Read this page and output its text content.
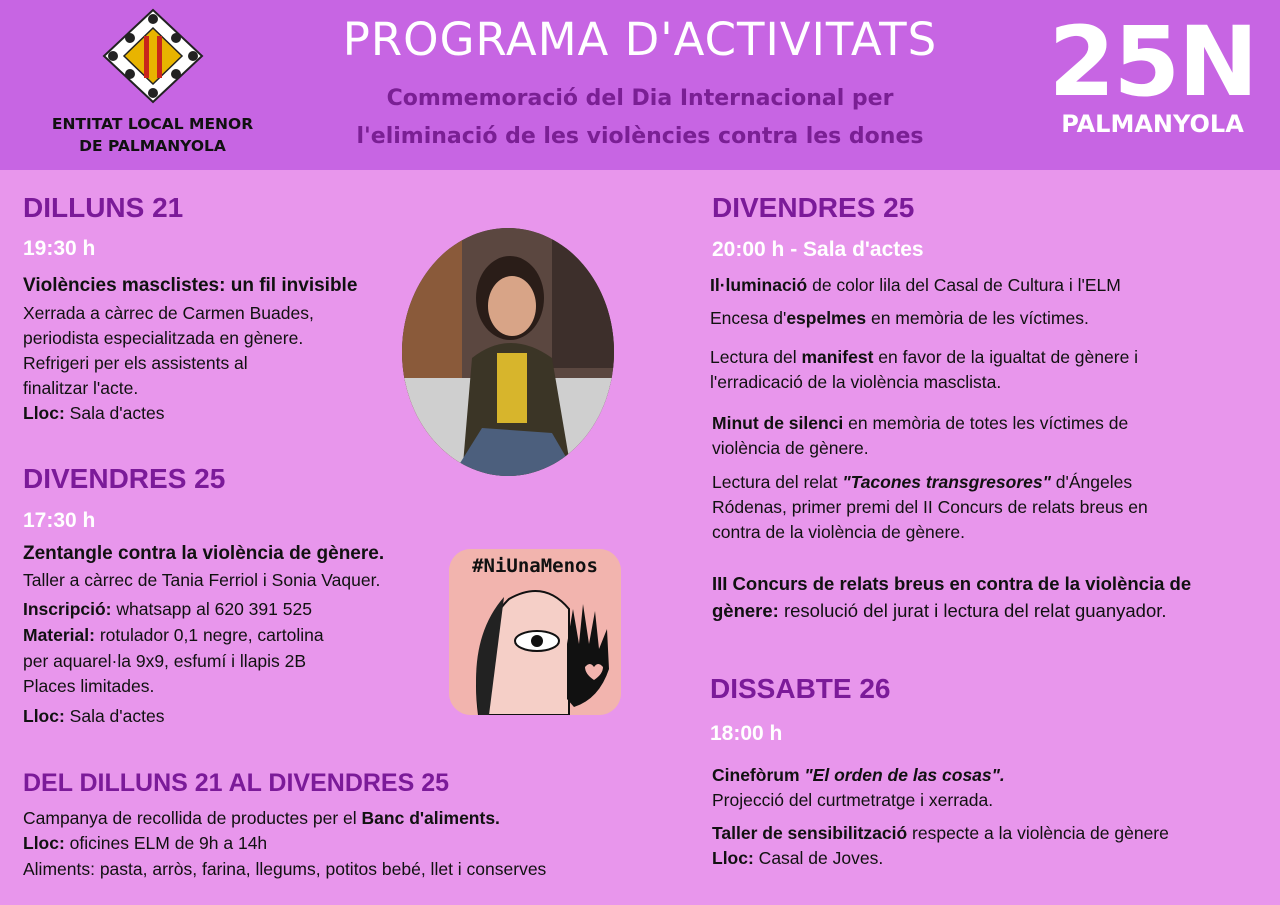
ENTITAT LOCAL MENOR
DE PALMANYOLA
PROGRAMA D'ACTIVITATS
Commemoració del Dia Internacional per
l'eliminació de les violències contra les dones
25N
PALMANYOLA
DILLUNS 21
19:30 h
Violències masclistes: un fil invisible
Xerrada a càrrec de Carmen Buades,
periodista especialitzada en gènere.
Refrigeri per els assistents al
finalitzar l'acte.
Lloc: Sala d'actes
DIVENDRES 25
17:30 h
Zentangle contra la violència de gènere.
Taller a càrrec de Tania Ferriol i Sonia Vaquer.
Inscripció: whatsapp al 620 391 525
Material: rotulador 0,1 negre, cartolina
per aquarel·la 9x9, esfumí i llapis 2B
Places limitades.
Lloc: Sala d'actes
#NiUnaMenos
DEL DILLUNS 21 AL DIVENDRES 25
Campanya de recollida de productes per el Banc d'aliments.
Lloc: oficines ELM de 9h a 14h
Aliments: pasta, arròs, farina, llegums, potitos bebé, llet i conserves
DIVENDRES 25
20:00 h - Sala d'actes
Il·luminació de color lila del Casal de Cultura i l'ELM
Encesa d'espelmes en memòria de les víctimes.
Lectura del manifest en favor de la igualtat de gènere i
l'erradicació de la violència masclista.
Minut de silenci en memòria de totes les víctimes de
violència de gènere.
Lectura del relat "Tacones transgresores" d'Ángeles
Ródenas, primer premi del II Concurs de relats breus en
contra de la violència de gènere.
III Concurs de relats breus en contra de la violència de
gènere: resolució del jurat i lectura del relat guanyador.
DISSABTE 26
18:00 h
Cinefòrum "El orden de las cosas".
Projecció del curtmetratge i xerrada.
Taller de sensibilització respecte a la violència de gènere
Lloc: Casal de Joves.
